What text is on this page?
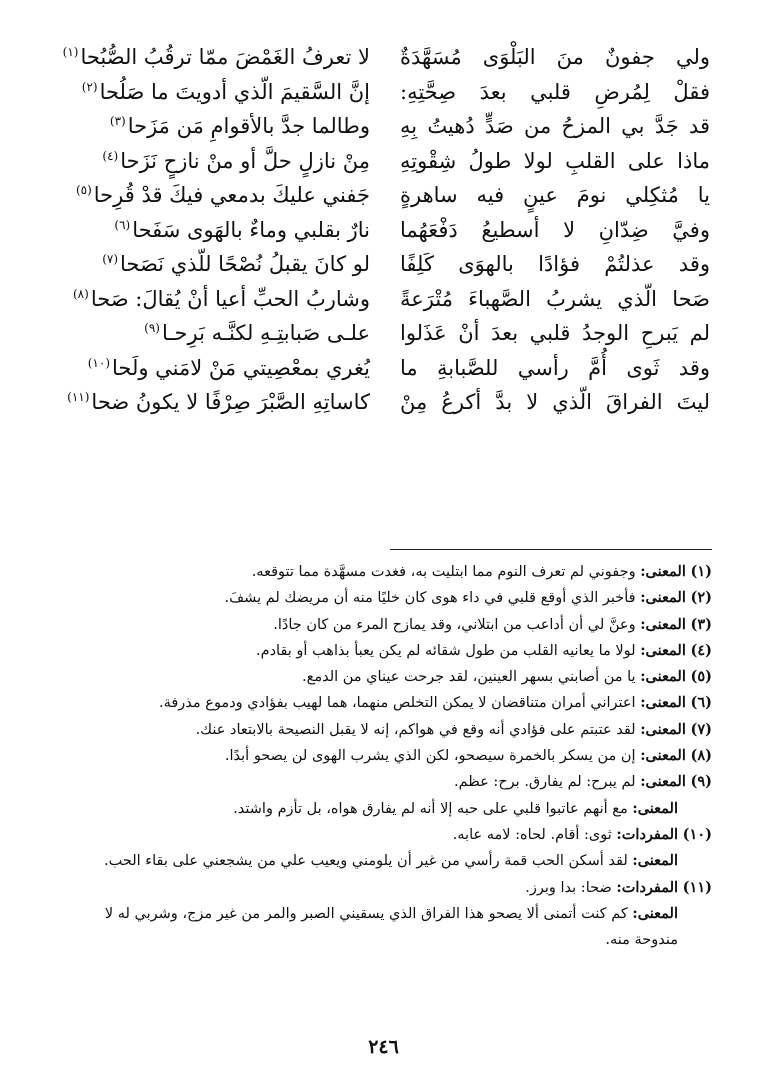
ولي جفونٌ منَ البَلْوَى مُسَهَّدَةٌ
لا تعرفُ الغَمْضَ ممّا ترقُبُ الصُّبُحا$^{(١)}$
فقلْ لِمُرضِ قلبي بعدَ صِحَّتِهِ:
إنَّ السَّقيمَ الّذي أدويتَ ما صَلُحا$^{(٢)}$
قد جَدَّ بي المزحُ من صَدٍّ دُهيتُ بِهِ
وطالما جدَّ بالأقوامِ مَن مَزَحا$^{(٣)}$
ماذا على القلبِ لولا طولُ شِقْوتِهِ
مِنْ نازلٍ حلَّ أو منْ نازحٍ نَزَحا$^{(٤)}$
يا مُثكِلي نومَ عينٍ فيه ساهرةٍ
جَفني عليكَ بدمعي فيكَ قدْ قُرِحا$^{(٥)}$
وفيَّ ضِدّانِ لا أسطيعُ دَفْعَهُما
نارٌ بقلبي وماءٌ بالهَوى سَفَحا$^{(٦)}$
وقد عذلتُمْ فؤادًا بالهوَى كَلِفًا
لو كانَ يقبلُ نُصْحًا للّذي نَصَحا$^{(٧)}$
صَحا الّذي يشربُ الصَّهباءَ مُتْرَعةً
وشاربُ الحبِّ أعيا أنْ يُقالَ: صَحا$^{(٨)}$
لم يَبرحِ الوجدُ قلبي بعدَ أنْ عَذَلوا
علـى صَبابتِـهِ لكنَّـه بَرِحـا$^{(٩)}$
وقد ثَوى أُمَّ رأسي للصَّبابةِ ما
يُغري بمعْصِيتي مَنْ لامَني ولَحا$^{(١٠)}$
ليتَ الفراقَ الّذي لا بدَّ أكرعُ مِنْ
كاساتِهِ الصَّبْرَ صِرْفًا لا يكونُ ضحا$^{(١١)}$
(١) المعنى: وجفوني لم تعرف النوم مما ابتليت به، فغدت مسهَّدة مما تتوقعه.
(٢) المعنى: فأخبر الذي أوقع قلبي في داء هوى كان خليًا منه أن مريضك لم يشفَ.
(٣) المعنى: وعنَّ لي أن أداعب من ابتلاني، وقد يمازح المرء من كان جادًا.
(٤) المعنى: لولا ما يعانيه القلب من طول شقائه لم يكن يعبأ بذاهب أو بقادم.
(٥) المعنى: يا من أصابني بسهر العينين، لقد جرحت عيناي من الدمع.
(٦) المعنى: اعتراني أمران متناقضان لا يمكن التخلص منهما، هما لهيب بفؤادي ودموع مذرفة.
(٧) المعنى: لقد عتبتم على فؤادي أنه وقع في هواكم، إنه لا يقبل النصيحة بالابتعاد عنك.
(٨) المعنى: إن من يسكر بالخمرة سيصحو، لكن الذي يشرب الهوى لن يصحو أبدًا.
(٩) المعنى: لم يبرح: لم يفارق. برح: عظم.
المعنى: مع أنهم عاتبوا قلبي على حبه إلا أنه لم يفارق هواه، بل تأزم واشتد.
(١٠) المفردات: ثوى: أقام. لحاه: لامه عابه.
المعنى: لقد أسكن الحب قمة رأسي من غير أن يلومني ويعيب علي من يشجعني على بقاء الحب.
(١١) المفردات: ضحا: بدا وبرز.
المعنى: كم كنت أتمنى ألا يصحو هذا الفراق الذي يسقيني الصبر والمر من غير مزج، وشربي له لا مندوحة منه.
٢٤٦
